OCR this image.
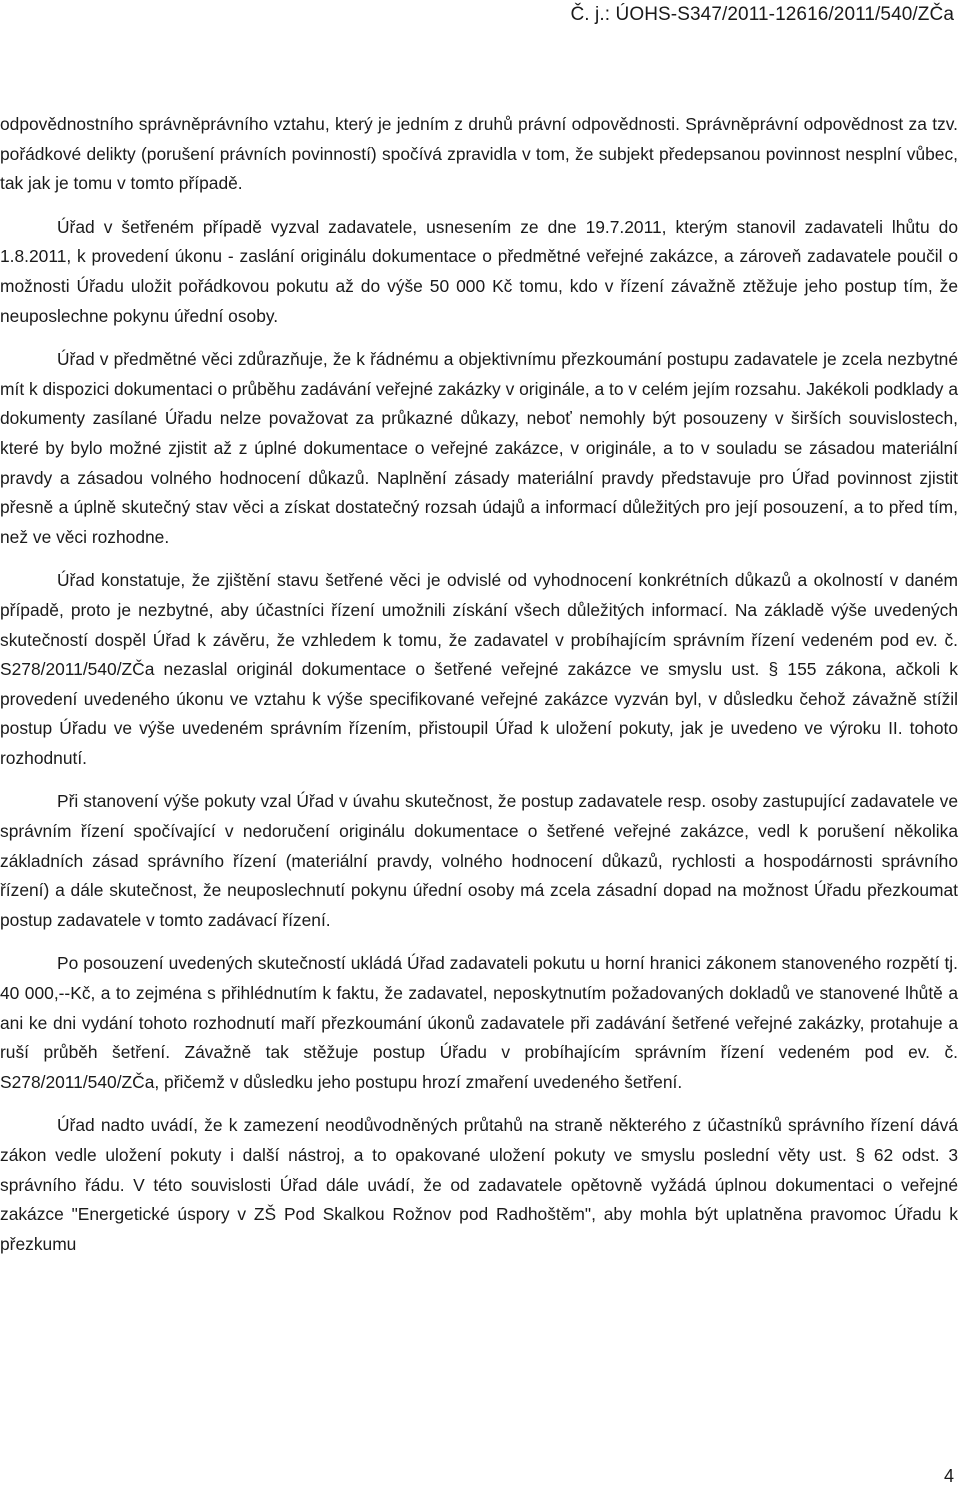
Č. j.: ÚOHS-S347/2011-12616/2011/540/ZČa

odpovědnostního správněprávního vztahu, který je jedním z druhů právní odpovědnosti. Správněprávní odpovědnost za tzv. pořádkové delikty (porušení právních povinností) spočívá zpravidla v tom, že subjekt předepsanou povinnost nesplní vůbec, tak jak je tomu v tomto případě.

Úřad v šetřeném případě vyzval zadavatele, usnesením ze dne 19.7.2011, kterým stanovil zadavateli lhůtu do 1.8.2011, k provedení úkonu - zaslání originálu dokumentace o předmětné veřejné zakázce, a zároveň zadavatele poučil o možnosti Úřadu uložit pořádkovou pokutu až do výše 50 000 Kč tomu, kdo v řízení závažně ztěžuje jeho postup tím, že neuposlechne pokynu úřední osoby.

Úřad v předmětné věci zdůrazňuje, že k řádnému a objektivnímu přezkoumání postupu zadavatele je zcela nezbytné mít k dispozici dokumentaci o průběhu zadávání veřejné zakázky v originále, a to v celém jejím rozsahu. Jakékoli podklady a dokumenty zasílané Úřadu nelze považovat za průkazné důkazy, neboť nemohly být posouzeny v širších souvislostech, které by bylo možné zjistit až z úplné dokumentace o veřejné zakázce, v originále, a to v souladu se zásadou materiální pravdy a zásadou volného hodnocení důkazů. Naplnění zásady materiální pravdy představuje pro Úřad povinnost zjistit přesně a úplně skutečný stav věci a získat dostatečný rozsah údajů a informací důležitých pro její posouzení, a to před tím, než ve věci rozhodne.

Úřad konstatuje, že zjištění stavu šetřené věci je odvislé od vyhodnocení konkrétních důkazů a okolností v daném případě, proto je nezbytné, aby účastníci řízení umožnili získání všech důležitých informací. Na základě výše uvedených skutečností dospěl Úřad k závěru, že vzhledem k tomu, že zadavatel v probíhajícím správním řízení vedeném pod ev. č. S278/2011/540/ZČa nezaslal originál dokumentace o šetřené veřejné zakázce ve smyslu ust. § 155 zákona, ačkoli k provedení uvedeného úkonu ve vztahu k výše specifikované veřejné zakázce vyzván byl, v důsledku čehož závažně stížil postup Úřadu ve výše uvedeném správním řízením, přistoupil Úřad k uložení pokuty, jak je uvedeno ve výroku II. tohoto rozhodnutí.

Při stanovení výše pokuty vzal Úřad v úvahu skutečnost, že postup zadavatele resp. osoby zastupující zadavatele ve správním řízení spočívající v nedoručení originálu dokumentace o šetřené veřejné zakázce, vedl k porušení několika základních zásad správního řízení (materiální pravdy, volného hodnocení důkazů, rychlosti a hospodárnosti správního řízení) a dále skutečnost, že neuposlechnutí pokynu úřední osoby má zcela zásadní dopad na možnost Úřadu přezkoumat postup zadavatele v tomto zadávací řízení.

Po posouzení uvedených skutečností ukládá Úřad zadavateli pokutu u horní hranici zákonem stanoveného rozpětí tj. 40 000,--Kč, a to zejména s přihlédnutím k faktu, že zadavatel, neposkytnutím požadovaných dokladů ve stanovené lhůtě a ani ke dni vydání tohoto rozhodnutí maří přezkoumání úkonů zadavatele při zadávání šetřené veřejné zakázky, protahuje a ruší průběh šetření. Závažně tak stěžuje postup Úřadu v probíhajícím správním řízení vedeném pod ev. č. S278/2011/540/ZČa, přičemž v důsledku jeho postupu hrozí zmaření uvedeného šetření.

Úřad nadto uvádí, že k zamezení neodůvodněných průtahů na straně některého z účastníků správního řízení dává zákon vedle uložení pokuty i další nástroj, a to opakované uložení pokuty ve smyslu poslední věty ust. § 62 odst. 3 správního řádu. V této souvislosti Úřad dále uvádí, že od zadavatele opětovně vyžádá úplnou dokumentaci o veřejné zakázce "Energetické úspory v ZŠ Pod Skalkou Rožnov pod Radhoštěm", aby mohla být uplatněna pravomoc Úřadu k přezkumu

4
